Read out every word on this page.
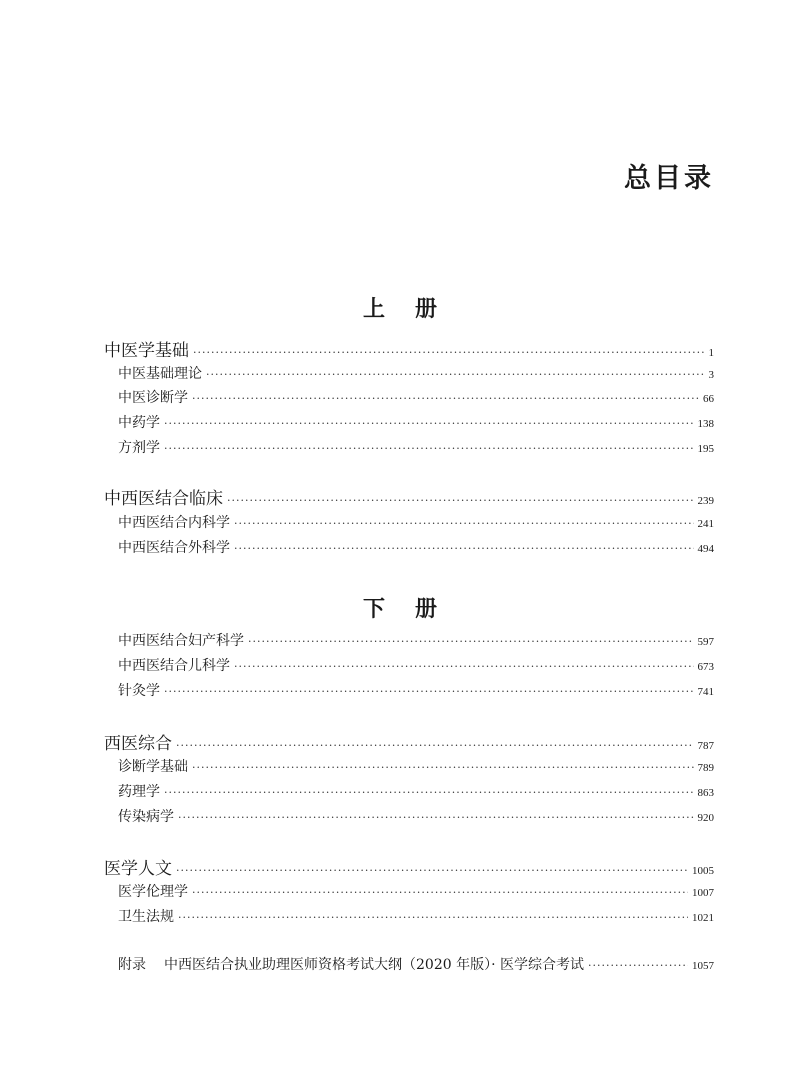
总目录
上 册
中医学基础 ·····	1
中医基础理论 ·····	3
中医诊断学 ·····	66
中药学 ·····	138
方剂学 ·····	195
中西医结合临床 ·····	239
中西医结合内科学 ·····	241
中西医结合外科学 ·····	494
下 册
中西医结合妇产科学 ·····	597
中西医结合儿科学 ·····	673
针灸学 ·····	741
西医综合 ·····	787
诊断学基础 ·····	789
药理学 ·····	863
传染病学 ·····	920
医学人文 ·····	1005
医学伦理学 ·····	1007
卫生法规 ·····	1021
附录 中西医结合执业助理医师资格考试大纲（2020 年版）· 医学综合考试 ·····	1057
